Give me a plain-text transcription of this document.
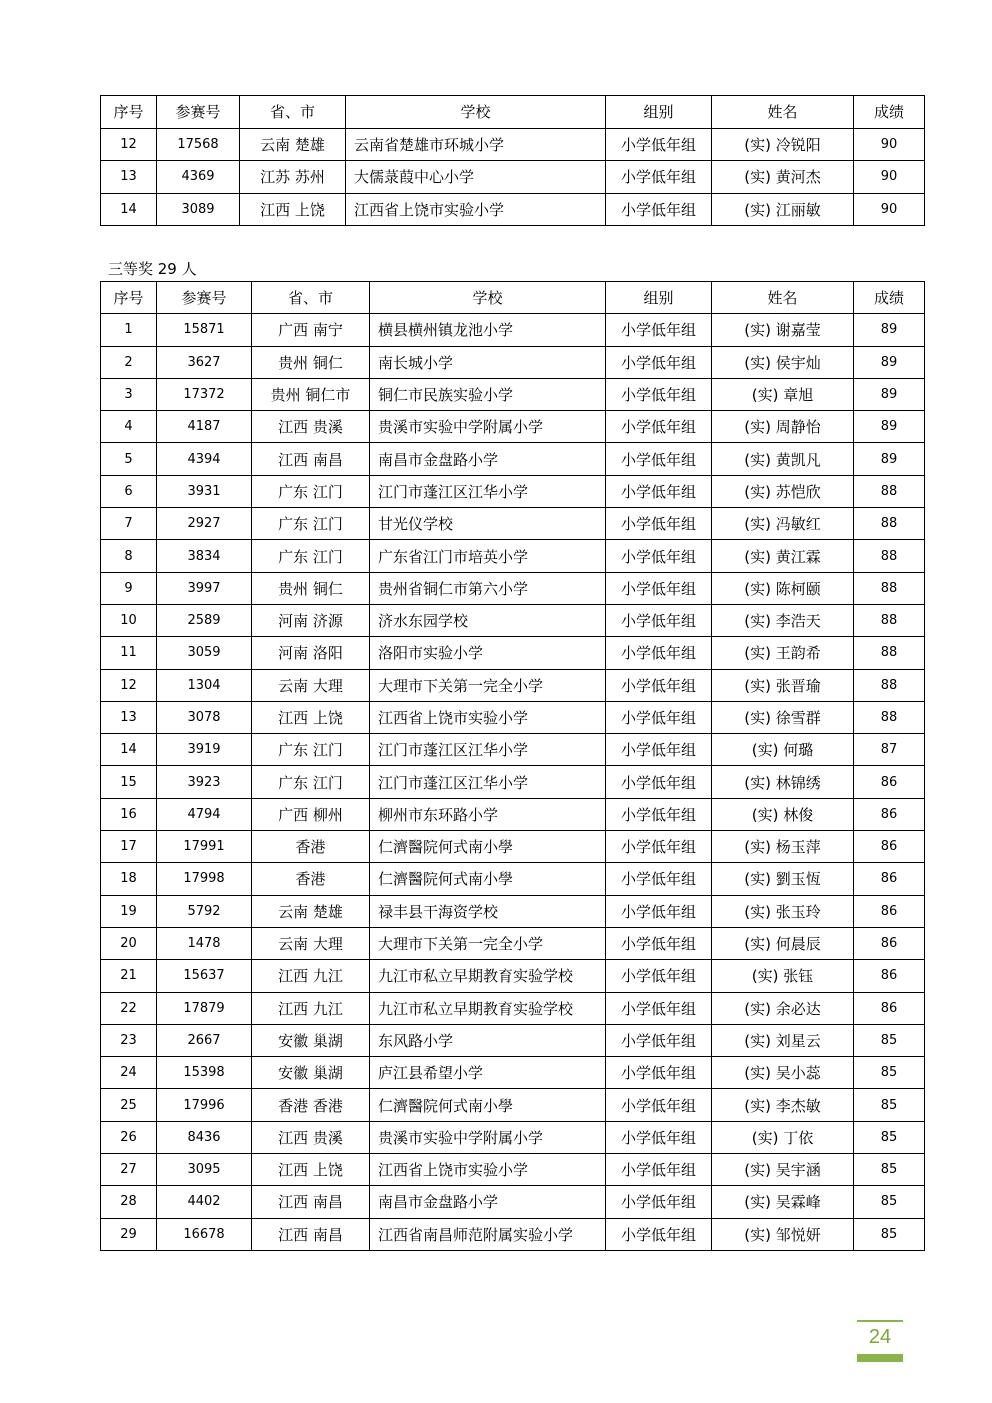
序号	参赛号	省、市	学校	组别	姓名	成绩
12	17568	云南 楚雄	云南省楚雄市环城小学	小学低年组	(实) 冷锐阳	90
13	4369	江苏 苏州	大儒菉葭中心小学	小学低年组	(实) 黄河杰	90
14	3089	江西 上饶	江西省上饶市实验小学	小学低年组	(实) 江丽敏	90
三等奖 29 人
序号	参赛号	省、市	学校	组别	姓名	成绩
1	15871	广西 南宁	横县横州镇龙池小学	小学低年组	(实) 谢嘉莹	89
2	3627	贵州 铜仁	南长城小学	小学低年组	(实) 侯宇灿	89
3	17372	贵州 铜仁市	铜仁市民族实验小学	小学低年组	(实) 章旭	89
4	4187	江西 贵溪	贵溪市实验中学附属小学	小学低年组	(实) 周静怡	89
5	4394	江西 南昌	南昌市金盘路小学	小学低年组	(实) 黄凯凡	89
6	3931	广东 江门	江门市蓬江区江华小学	小学低年组	(实) 苏恺欣	88
7	2927	广东 江门	甘光仪学校	小学低年组	(实) 冯敏红	88
8	3834	广东 江门	广东省江门市培英小学	小学低年组	(实) 黄江霖	88
9	3997	贵州 铜仁	贵州省铜仁市第六小学	小学低年组	(实) 陈柯颐	88
10	2589	河南 济源	济水东园学校	小学低年组	(实) 李浩天	88
11	3059	河南 洛阳	洛阳市实验小学	小学低年组	(实) 王韵希	88
12	1304	云南 大理	大理市下关第一完全小学	小学低年组	(实) 张晋瑜	88
13	3078	江西 上饶	江西省上饶市实验小学	小学低年组	(实) 徐雪群	88
14	3919	广东 江门	江门市蓬江区江华小学	小学低年组	(实) 何璐	87
15	3923	广东 江门	江门市蓬江区江华小学	小学低年组	(实) 林锦绣	86
16	4794	广西 柳州	柳州市东环路小学	小学低年组	(实) 林俊	86
17	17991	香港	仁濟醫院何式南小學	小学低年组	(实) 杨玉萍	86
18	17998	香港	仁濟醫院何式南小學	小学低年组	(实) 劉玉恆	86
19	5792	云南 楚雄	禄丰县干海资学校	小学低年组	(实) 张玉玲	86
20	1478	云南 大理	大理市下关第一完全小学	小学低年组	(实) 何晨辰	86
21	15637	江西 九江	九江市私立早期教育实验学校	小学低年组	(实) 张钰	86
22	17879	江西 九江	九江市私立早期教育实验学校	小学低年组	(实) 余必达	86
23	2667	安徽 巢湖	东风路小学	小学低年组	(实) 刘星云	85
24	15398	安徽 巢湖	庐江县希望小学	小学低年组	(实) 吴小蕊	85
25	17996	香港 香港	仁濟醫院何式南小學	小学低年组	(实) 李杰敏	85
26	8436	江西 贵溪	贵溪市实验中学附属小学	小学低年组	(实) 丁依	85
27	3095	江西 上饶	江西省上饶市实验小学	小学低年组	(实) 吴宇涵	85
28	4402	江西 南昌	南昌市金盘路小学	小学低年组	(实) 吴霖峰	85
29	16678	江西 南昌	江西省南昌师范附属实验小学	小学低年组	(实) 邹悦妍	85
24
